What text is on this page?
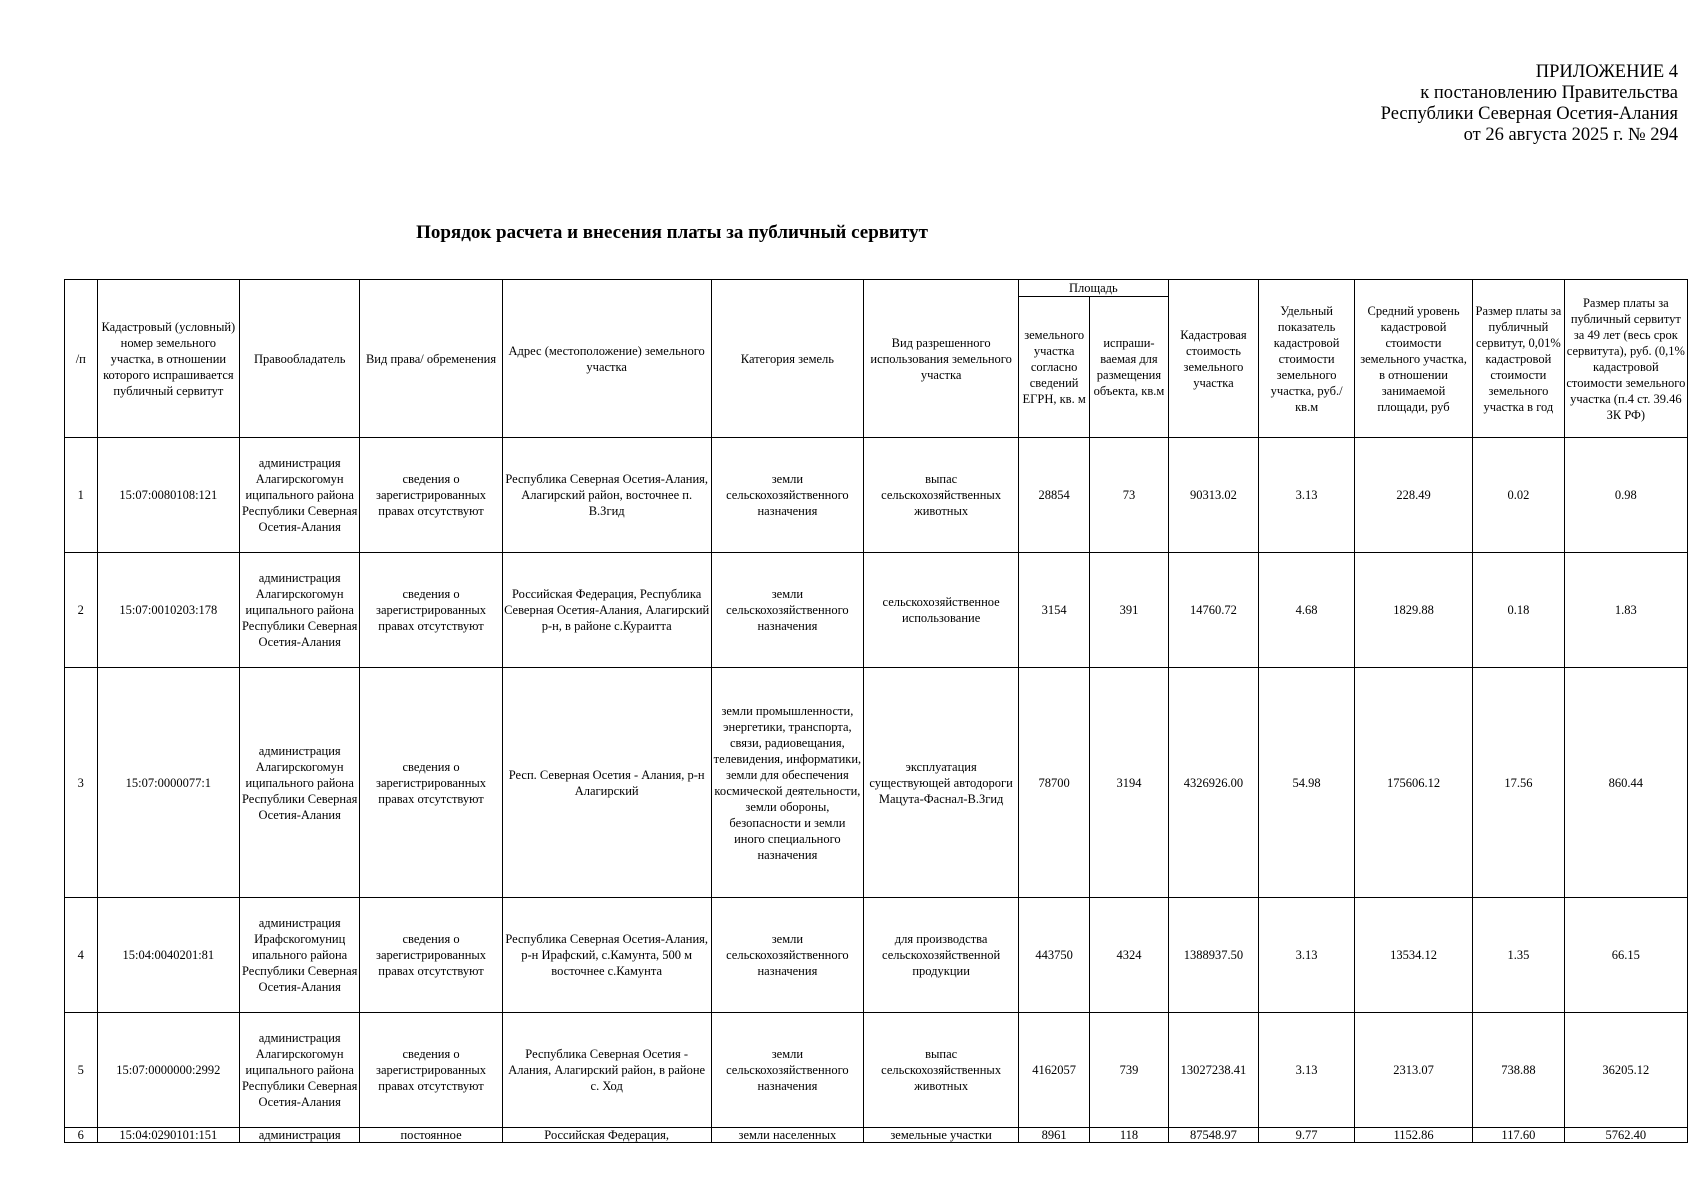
ПРИЛОЖЕНИЕ 4
к постановлению Правительства
Республики Северная Осетия-Алания
от 26 августа 2025 г. № 294
Порядок расчета и внесения платы за публичный сервитут
/п	Кадастровый (условный) номер земельного участка, в отношении которого испрашивается публичный сервитут	Правообладатель	Вид права/ обременения	Адрес (местоположение) земельного участка	Категория земель	Вид разрешенного использования земельного участка	Площадь		Кадастровая стоимость земельного участка	Удельный показатель кадастровой стоимости земельного участка, руб./кв.м	Средний уровень кадастровой стоимости земельного участка, в отношении занимаемой площади, руб	Размер платы за публичный сервитут, 0,01% кадастровой стоимости земельного участка в год	Размер платы за публичный сервитут за 49 лет (весь срок сервитута), руб. (0,1% кадастровой стоимости земельного участка (п.4 ст. 39.46 ЗК РФ)
							земельного участка согласно сведений ЕГРН, кв. м	испраши-ваемая для размещения объекта, кв.м					
1	15:07:0080108:121	администрация Алагирскогомун иципального района Республики Северная Осетия-Алания	сведения о зарегистрированных правах отсутствуют	Республика Северная Осетия-Алания, Алагирский район, восточнее п. В.Згид	земли сельскохозяйственного назначения	выпас сельскохозяйственных животных	28854	73	90313.02	3.13	228.49	0.02	0.98
2	15:07:0010203:178	администрация Алагирскогомун иципального района Республики Северная Осетия-Алания	сведения о зарегистрированных правах отсутствуют	Российская Федерация, Республика Северная Осетия-Алания, Алагирский р-н, в районе с.Кураитта	земли сельскохозяйственного назначения	сельскохозяйственное использование	3154	391	14760.72	4.68	1829.88	0.18	1.83
3	15:07:0000077:1	администрация Алагирскогомун иципального района Республики Северная Осетия-Алания	сведения о зарегистрированных правах отсутствуют	Респ. Северная Осетия - Алания, р-н Алагирский	земли промышленности, энергетики, транспорта, связи, радиовещания, телевидения, информатики, земли для обеспечения космической деятельности, земли обороны, безопасности и земли иного специального назначения	эксплуатация существующей автодороги Мацута-Фаснал-В.Згид	78700	3194	4326926.00	54.98	175606.12	17.56	860.44
4	15:04:0040201:81	администрация Ирафскогомуниц ипального района Республики Северная Осетия-Алания	сведения о зарегистрированных правах отсутствуют	Республика Северная Осетия-Алания, р-н Ирафский, с.Камунта, 500 м восточнее с.Камунта	земли сельскохозяйственного назначения	для производства сельскохозяйственной продукции	443750	4324	1388937.50	3.13	13534.12	1.35	66.15
5	15:07:0000000:2992	администрация Алагирскогомун иципального района Республики Северная Осетия-Алания	сведения о зарегистрированных правах отсутствуют	Республика Северная Осетия - Алания, Алагирский район, в районе с. Ход	земли сельскохозяйственного назначения	выпас сельскохозяйственных животных	4162057	739	13027238.41	3.13	2313.07	738.88	36205.12
6	15:04:0290101:151	администрация	постоянное	Российская Федерация,	земли населенных	земельные участки	8961	118	87548.97	9.77	1152.86	117.60	5762.40
